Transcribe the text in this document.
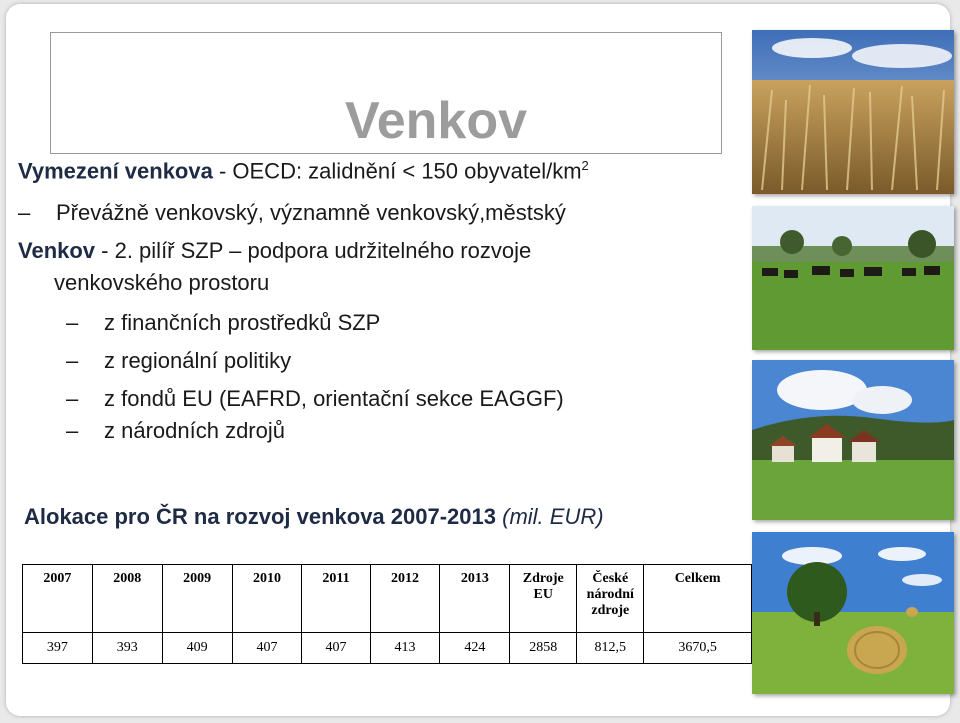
Venkov
Vymezení venkova - OECD: zalidnění < 150 obyvatel/$km^2$
– Převážně venkovský, významně venkovský,městský
Venkov - 2. pilíř SZP – podpora udržitelného rozvoje
venkovského prostoru
– z finančních prostředků SZP
– z regionální politiky
– z fondů EU (EAFRD, orientační sekce EAGGF)
– z národních zdrojů
Alokace pro ČR na rozvoj venkova 2007-2013 (mil. EUR)
2007	2008	2009	2010	2011	2012	2013	Zdroje EU	České národní zdroje	Celkem
397	393	409	407	407	413	424	2858	812,5	3670,5
